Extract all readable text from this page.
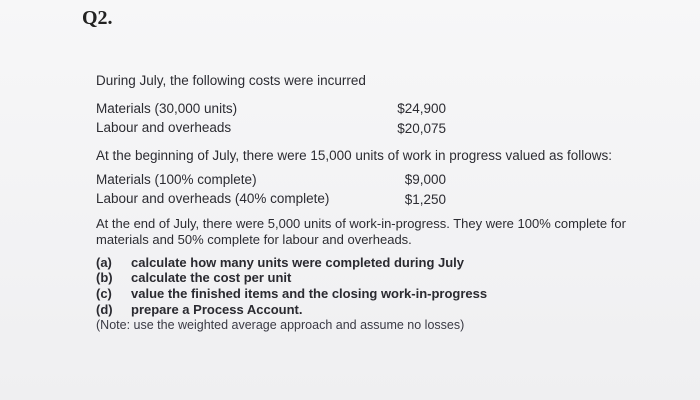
Q2.
During July, the following costs were incurred
Materials (30,000 units)	$24,900
Labour and overheads	$20,075
At the beginning of July, there were 15,000 units of work in progress valued as follows:
Materials (100% complete)	$9,000
Labour and overheads (40% complete)	$1,250
At the end of July, there were 5,000 units of work-in-progress. They were 100% complete for materials and 50% complete for labour and overheads.
(a) calculate how many units were completed during July
(b) calculate the cost per unit
(c) value the finished items and the closing work-in-progress
(d) prepare a Process Account.
(Note: use the weighted average approach and assume no losses)
